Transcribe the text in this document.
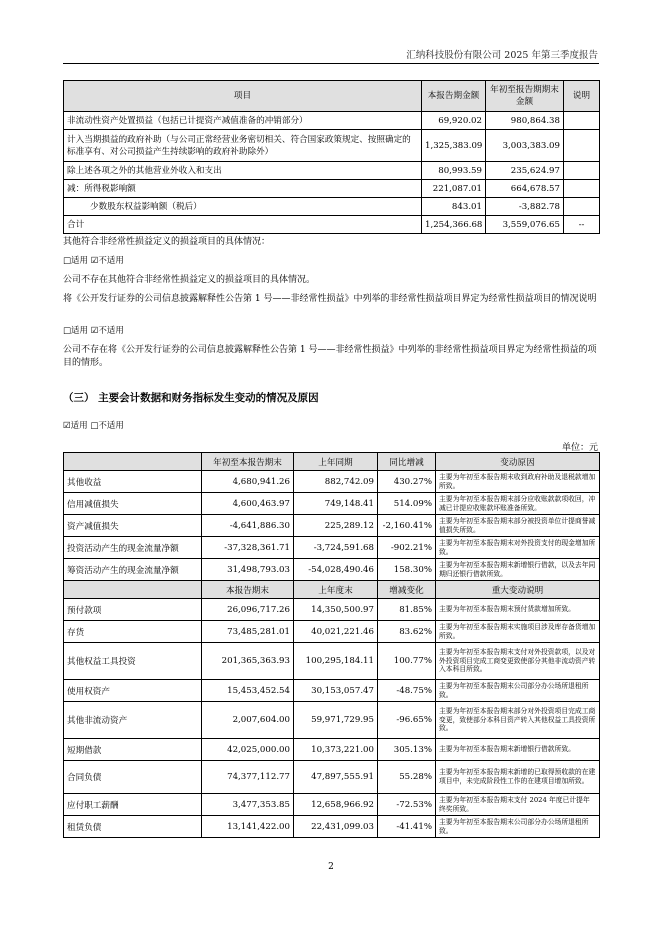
汇纳科技股份有限公司 2025 年第三季度报告
项目	本报告期金额	年初至报告期期末金额	说明
非流动性资产处置损益（包括已计提资产减值准备的冲销部分）	69,920.02	980,864.38	
计入当期损益的政府补助（与公司正常经营业务密切相关、符合国家政策规定、按照确定的标准享有、对公司损益产生持续影响的政府补助除外）	1,325,383.09	3,003,383.09	
除上述各项之外的其他营业外收入和支出	80,993.59	235,624.97	
减：所得税影响额	221,087.01	664,678.57	
少数股东权益影响额（税后）	843.01	-3,882.78	
合计	1,254,366.68	3,559,076.65	--
其他符合非经常性损益定义的损益项目的具体情况：
□适用 ☑不适用
公司不存在其他符合非经常性损益定义的损益项目的具体情况。
将《公开发行证券的公司信息披露解释性公告第 1 号——非经常性损益》中列举的非经常性损益项目界定为经常性损益项目的情况说明
□适用 ☑不适用
公司不存在将《公开发行证券的公司信息披露解释性公告第 1 号——非经常性损益》中列举的非经常性损益项目界定为经常性损益的项目的情形。
（三） 主要会计数据和财务指标发生变动的情况及原因
☑适用 □不适用
单位：元
	年初至本报告期末	上年同期	同比增减	变动原因
其他收益	4,680,941.26	882,742.09	430.27%	主要为年初至本报告期末收到政府补助及退税款增加所致。
信用减值损失	4,600,463.97	749,148.41	514.09%	主要为年初至本报告期末部分应收账款款项收回，冲减已计提应收账款坏账准备所致。
资产减值损失	-4,641,886.30	225,289.12	-2,160.41%	主要为年初至本报告期末部分被投资单位计提商誉减值损失所致。
投资活动产生的现金流量净额	-37,328,361.71	-3,724,591.68	-902.21%	主要为年初至本报告期末对外投资支付的现金增加所致。
筹资活动产生的现金流量净额	31,498,793.03	-54,028,490.46	158.30%	主要为年初至本报告期末新增银行借款，以及去年同期归还银行借款所致。
	本报告期末	上年度末	增减变化	重大变动说明
预付款项	26,096,717.26	14,350,500.97	81.85%	主要为年初至本报告期末预付货款增加所致。
存货	73,485,281.01	40,021,221.46	83.62%	主要为年初至本报告期末实施项目涉及库存备货增加所致。
其他权益工具投资	201,365,363.93	100,295,184.11	100.77%	主要为年初至本报告期末支付对外投资款项，以及对外投资项目完成工商变更致使部分其他非流动资产转入本科目所致。
使用权资产	15,453,452.54	30,153,057.47	-48.75%	主要为年初至本报告期末公司部分办公场所退租所致。
其他非流动资产	2,007,604.00	59,971,729.95	-96.65%	主要为年初至本报告期末部分对外投资项目完成工商变更，致使部分本科目资产转入其他权益工具投资所致。
短期借款	42,025,000.00	10,373,221.00	305.13%	主要为年初至本报告期末新增银行借款所致。
合同负债	74,377,112.77	47,897,555.91	55.28%	主要为年初至本报告期末新增的已取得预收款的在建项目中，未完成阶段性工作的在建项目增加所致。
应付职工薪酬	3,477,353.85	12,658,966.92	-72.53%	主要为年初至本报告期末支付 2024 年度已计提年终奖所致。
租赁负债	13,141,422.00	22,431,099.03	-41.41%	主要为年初至本报告期末公司部分办公场所退租所致。
2
